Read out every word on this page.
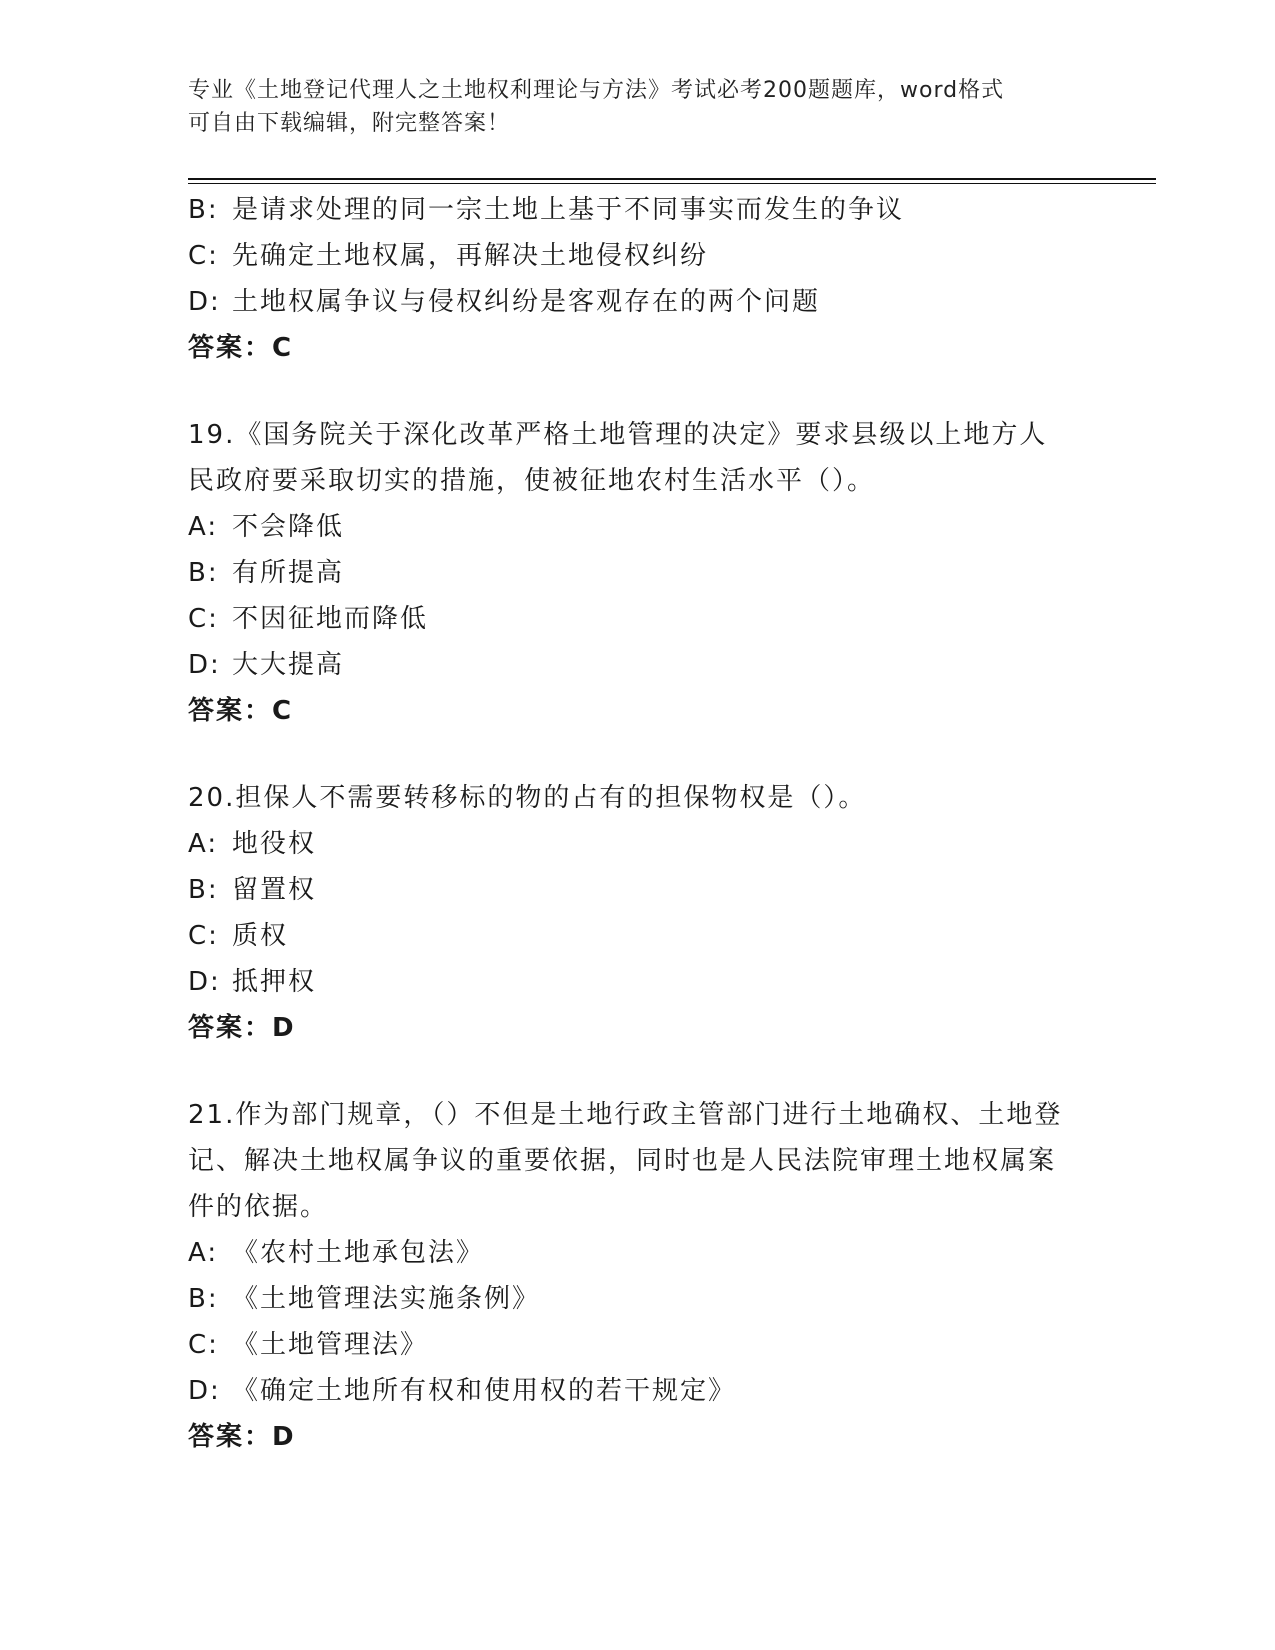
专业《土地登记代理人之土地权利理论与方法》考试必考200题题库，word格式
可自由下载编辑，附完整答案！
B: 是请求处理的同一宗土地上基于不同事实而发生的争议
C: 先确定土地权属，再解决土地侵权纠纷
D: 土地权属争议与侵权纠纷是客观存在的两个问题
答案：C
19.《国务院关于深化改革严格土地管理的决定》要求县级以上地方人民政府要采取切实的措施，使被征地农村生活水平（）。
A: 不会降低
B: 有所提高
C: 不因征地而降低
D: 大大提高
答案：C
20.担保人不需要转移标的物的占有的担保物权是（）。
A: 地役权
B: 留置权
C: 质权
D: 抵押权
答案：D
21.作为部门规章，（）不但是土地行政主管部门进行土地确权、土地登记、解决土地权属争议的重要依据，同时也是人民法院审理土地权属案件的依据。
A: 《农村土地承包法》
B: 《土地管理法实施条例》
C: 《土地管理法》
D: 《确定土地所有权和使用权的若干规定》
答案：D
